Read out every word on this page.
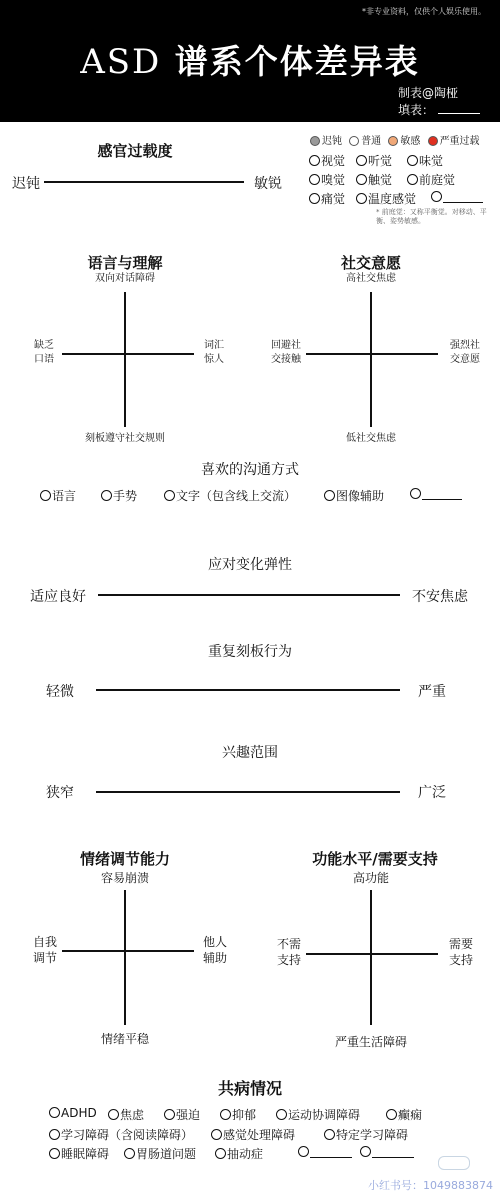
*非专业资料，仅供个人娱乐使用。
ASD 谱系个体差异表
制表@陶桠
填表：
迟钝 普通 敏感 严重过载
感官过载度
迟钝	敏锐
视觉	听觉	味觉
嗅觉	触觉	前庭觉
痛觉	温度感觉
* 前庭觉：又称平衡觉。对移动、平衡、姿势敏感。
语言与理解
双向对话障碍
缺乏
口语
词汇
惊人
刻板遵守社交规则
社交意愿
高社交焦虑
回避社
交接触
强烈社
交意愿
低社交焦虑
喜欢的沟通方式
语言	手势	文字（包含线上交流）	图像辅助
应对变化弹性
适应良好	不安焦虑
重复刻板行为
轻微	严重
兴趣范围
狭窄	广泛
情绪调节能力
容易崩溃
自我
调节
他人
辅助
情绪平稳
功能水平/需要支持
高功能
不需
支持
需要
支持
严重生活障碍
共病情况
ADHD	焦虑	强迫	抑郁	运动协调障碍	癫痫
学习障碍（含阅读障碍）	感觉处理障碍	特定学习障碍
睡眠障碍	胃肠道问题	抽动症
小红书号：1049883874
